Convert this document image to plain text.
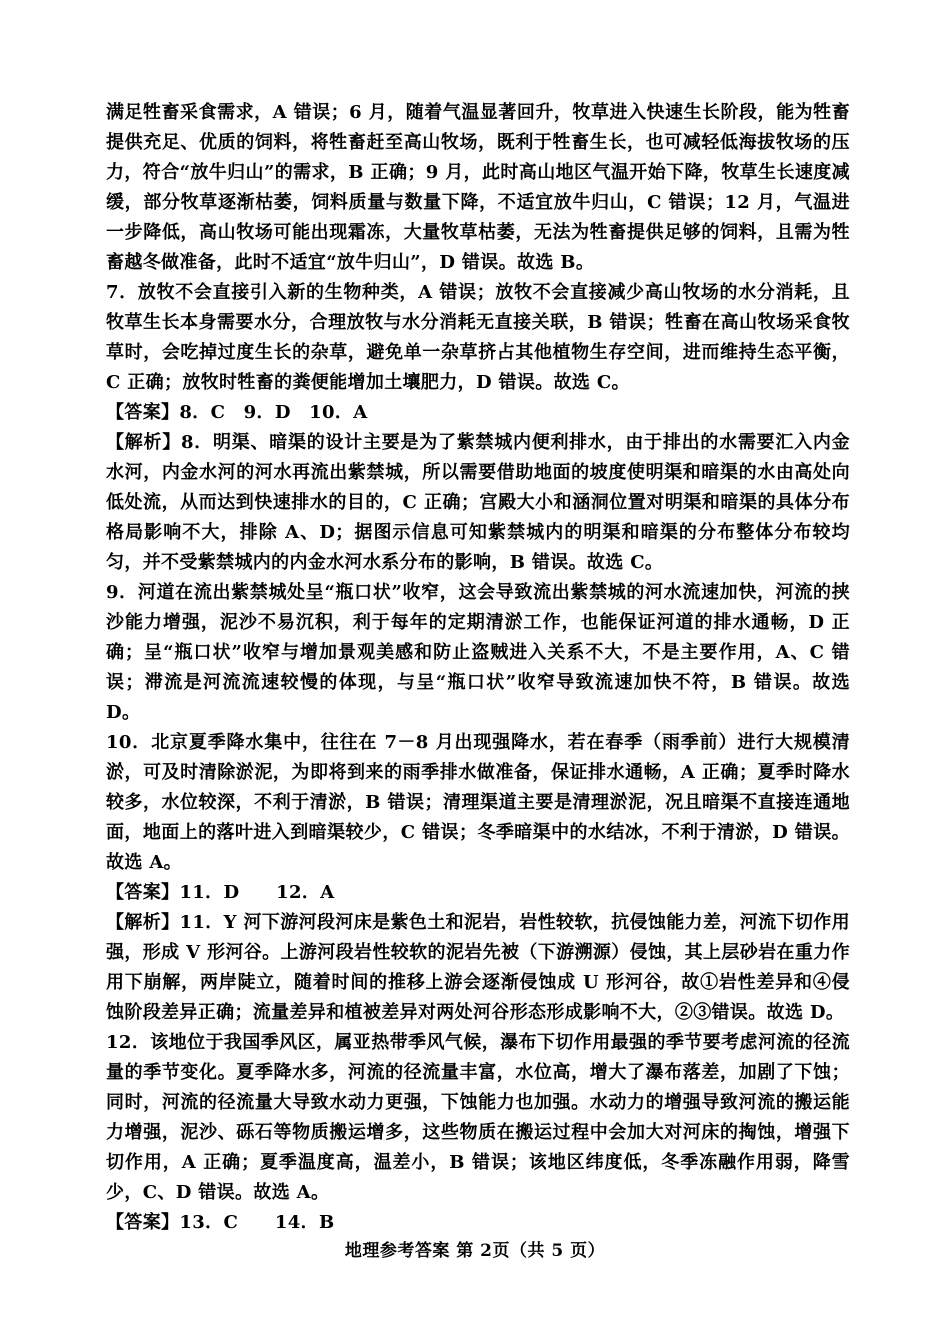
满足牲畜采食需求，A 错误；6 月，随着气温显著回升，牧草进入快速生长阶段，能为牲畜提供充足、优质的饲料，将牲畜赶至高山牧场，既利于牲畜生长，也可减轻低海拔牧场的压力，符合“放牛归山”的需求，B 正确；9 月，此时高山地区气温开始下降，牧草生长速度减缓，部分牧草逐渐枯萎，饲料质量与数量下降，不适宜放牛归山，C 错误；12 月，气温进一步降低，高山牧场可能出现霜冻，大量牧草枯萎，无法为牲畜提供足够的饲料，且需为牲畜越冬做准备，此时不适宜“放牛归山”，D 错误。故选 B。

7．放牧不会直接引入新的生物种类，A 错误；放牧不会直接减少高山牧场的水分消耗，且牧草生长本身需要水分，合理放牧与水分消耗无直接关联，B 错误；牲畜在高山牧场采食牧草时，会吃掉过度生长的杂草，避免单一杂草挤占其他植物生存空间，进而维持生态平衡，C 正确；放牧时牲畜的粪便能增加土壤肥力，D 错误。故选 C。

【答案】8．C　9．D　10．A

【解析】8．明渠、暗渠的设计主要是为了紫禁城内便利排水，由于排出的水需要汇入内金水河，内金水河的河水再流出紫禁城，所以需要借助地面的坡度使明渠和暗渠的水由高处向低处流，从而达到快速排水的目的，C 正确；宫殿大小和涵洞位置对明渠和暗渠的具体分布格局影响不大，排除 A、D；据图示信息可知紫禁城内的明渠和暗渠的分布整体分布较均匀，并不受紫禁城内的内金水河水系分布的影响，B 错误。故选 C。

9．河道在流出紫禁城处呈“瓶口状”收窄，这会导致流出紫禁城的河水流速加快，河流的挟沙能力增强，泥沙不易沉积，利于每年的定期清淤工作，也能保证河道的排水通畅，D 正确；呈“瓶口状”收窄与增加景观美感和防止盗贼进入关系不大，不是主要作用，A、C 错误；滞流是河流流速较慢的体现，与呈“瓶口状”收窄导致流速加快不符，B 错误。故选 D。

10．北京夏季降水集中，往往在 7－8 月出现强降水，若在春季（雨季前）进行大规模清淤，可及时清除淤泥，为即将到来的雨季排水做准备，保证排水通畅，A 正确；夏季时降水较多，水位较深，不利于清淤，B 错误；清理渠道主要是清理淤泥，况且暗渠不直接连通地面，地面上的落叶进入到暗渠较少，C 错误；冬季暗渠中的水结冰，不利于清淤，D 错误。故选 A。

【答案】11．D　　12．A

【解析】11．Y 河下游河段河床是紫色土和泥岩，岩性较软，抗侵蚀能力差，河流下切作用强，形成 V 形河谷。上游河段岩性较软的泥岩先被（下游溯源）侵蚀，其上层砂岩在重力作用下崩解，两岸陡立，随着时间的推移上游会逐渐侵蚀成 U 形河谷，故①岩性差异和④侵蚀阶段差异正确；流量差异和植被差异对两处河谷形态形成影响不大，②③错误。故选 D。

12．该地位于我国季风区，属亚热带季风气候，瀑布下切作用最强的季节要考虑河流的径流量的季节变化。夏季降水多，河流的径流量丰富，水位高，增大了瀑布落差，加剧了下蚀；同时，河流的径流量大导致水动力更强，下蚀能力也加强。水动力的增强导致河流的搬运能力增强，泥沙、砾石等物质搬运增多，这些物质在搬运过程中会加大对河床的掏蚀，增强下切作用，A 正确；夏季温度高，温差小，B 错误；该地区纬度低，冬季冻融作用弱，降雪少，C、D 错误。故选 A。

【答案】13．C　　14．B

地理参考答案 第 2页（共 5 页）
